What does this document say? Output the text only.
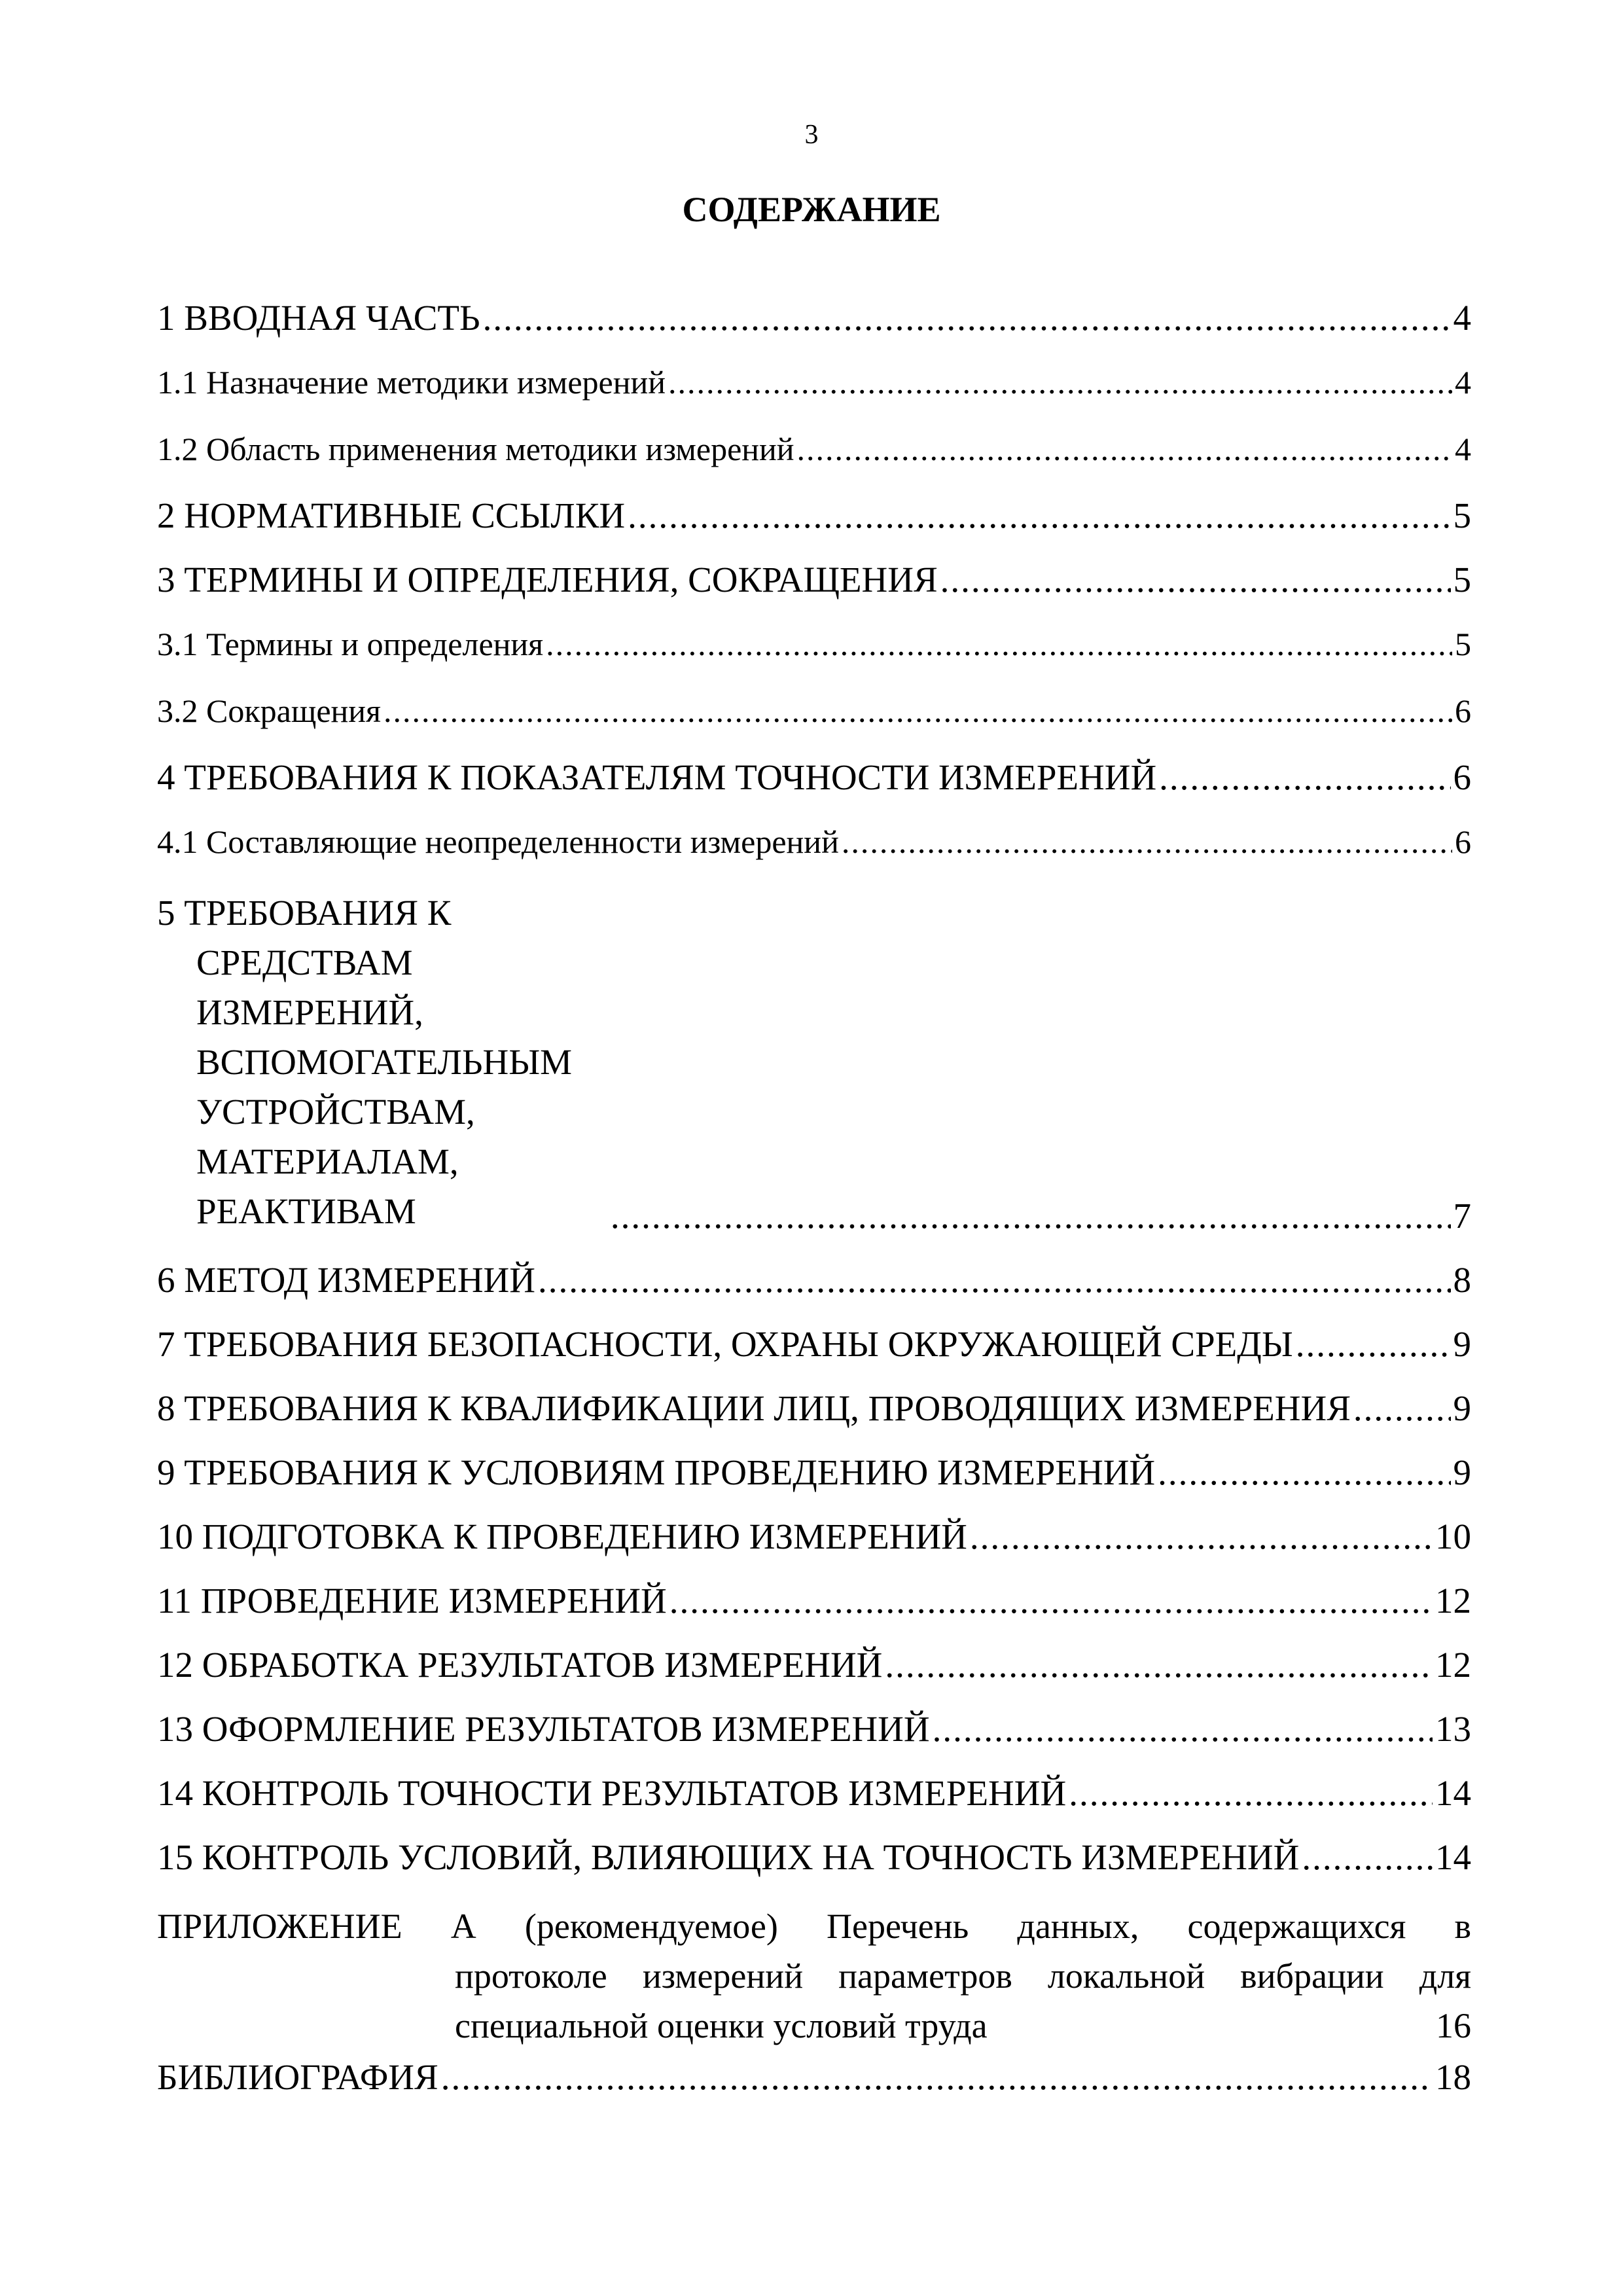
3
СОДЕРЖАНИЕ
1 ВВОДНАЯ ЧАСТЬ .....	4
1.1 Назначение методики измерений .....	4
1.2 Область применения методики измерений .....	4
2 НОРМАТИВНЫЕ ССЫЛКИ .....	5
3 ТЕРМИНЫ И ОПРЕДЕЛЕНИЯ, СОКРАЩЕНИЯ .....	5
3.1 Термины и определения .....	5
3.2 Сокращения .....	6
4 ТРЕБОВАНИЯ К ПОКАЗАТЕЛЯМ ТОЧНОСТИ ИЗМЕРЕНИЙ .....	6
4.1 Составляющие неопределенности измерений .....	6
5 ТРЕБОВАНИЯ К СРЕДСТВАМ ИЗМЕРЕНИЙ, ВСПОМОГАТЕЛЬНЫМ УСТРОЙСТВАМ, МАТЕРИАЛАМ, РЕАКТИВАМ .....	7
6 МЕТОД ИЗМЕРЕНИЙ .....	8
7 ТРЕБОВАНИЯ БЕЗОПАСНОСТИ, ОХРАНЫ ОКРУЖАЮЩЕЙ СРЕДЫ .....	9
8 ТРЕБОВАНИЯ К КВАЛИФИКАЦИИ ЛИЦ, ПРОВОДЯЩИХ ИЗМЕРЕНИЯ .....	9
9 ТРЕБОВАНИЯ К УСЛОВИЯМ ПРОВЕДЕНИЮ ИЗМЕРЕНИЙ .....	9
10 ПОДГОТОВКА К ПРОВЕДЕНИЮ ИЗМЕРЕНИЙ .....	10
11 ПРОВЕДЕНИЕ ИЗМЕРЕНИЙ .....	12
12 ОБРАБОТКА РЕЗУЛЬТАТОВ ИЗМЕРЕНИЙ .....	12
13 ОФОРМЛЕНИЕ РЕЗУЛЬТАТОВ ИЗМЕРЕНИЙ .....	13
14 КОНТРОЛЬ ТОЧНОСТИ РЕЗУЛЬТАТОВ ИЗМЕРЕНИЙ .....	14
15 КОНТРОЛЬ УСЛОВИЙ, ВЛИЯЮЩИХ НА ТОЧНОСТЬ ИЗМЕРЕНИЙ .....	14
ПРИЛОЖЕНИЕ А (рекомендуемое) Перечень данных, содержащихся в
протоколе измерений параметров локальной вибрации для
специальной оценки условий труда	16
БИБЛИОГРАФИЯ .....	18
